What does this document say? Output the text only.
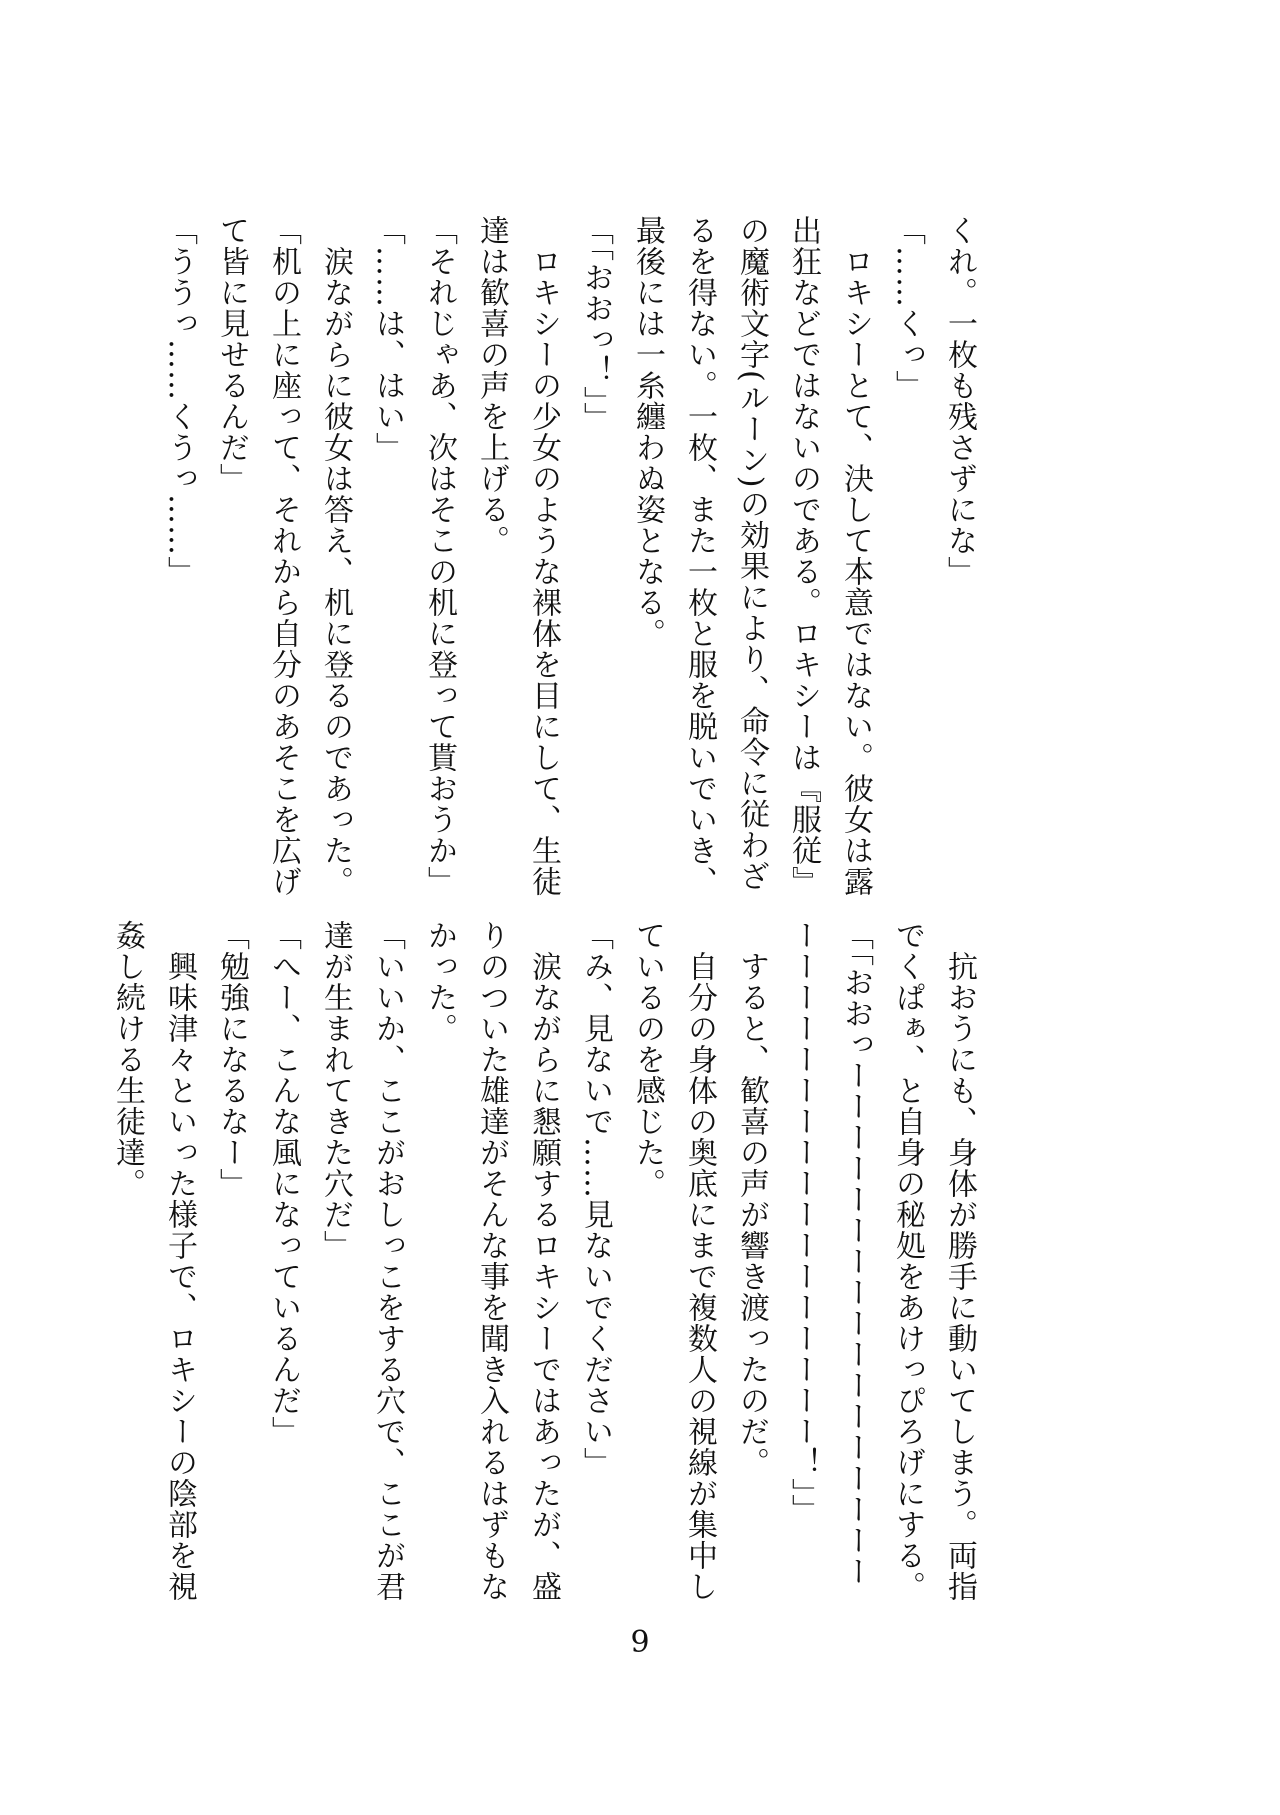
くれ。一枚も残さずにな」

「……くっ」

　ロキシーとて、決して本意ではない。彼女は露

出狂などではないのである。ロキシーは『服従』

の魔術文字(ルーン)の効果により、命令に従わざ

るを得ない。一枚、また一枚と服を脱いでいき、

最後には一糸纏わぬ姿となる。

「「おおっ！」」

　ロキシーの少女のような裸体を目にして、生徒

達は歓喜の声を上げる。

「それじゃあ、次はそこの机に登って貰おうか」

「……は、はい」

　涙ながらに彼女は答え、机に登るのであった。

「机の上に座って、それから自分のあそこを広げ

て皆に見せるんだ」

「ううっ……くうっ……」

　抗おうにも、身体が勝手に動いてしまう。両指

でくぱぁ、と自身の秘処をあけっぴろげにする。

「「おおっーーーーーーーーーーーーーーーーー

ーーーーーーーーーーーーーーーーー！」」

　すると、歓喜の声が響き渡ったのだ。

　自分の身体の奥底にまで複数人の視線が集中し

ているのを感じた。

「み、見ないで……見ないでください」

　涙ながらに懇願するロキシーではあったが、盛

りのついた雄達がそんな事を聞き入れるはずもな

かった。

「いいか、ここがおしっこをする穴で、ここが君

達が生まれてきた穴だ」

「へー、こんな風になっているんだ」

「勉強になるなー」

　興味津々といった様子で、ロキシーの陰部を視

姦し続ける生徒達。

9
